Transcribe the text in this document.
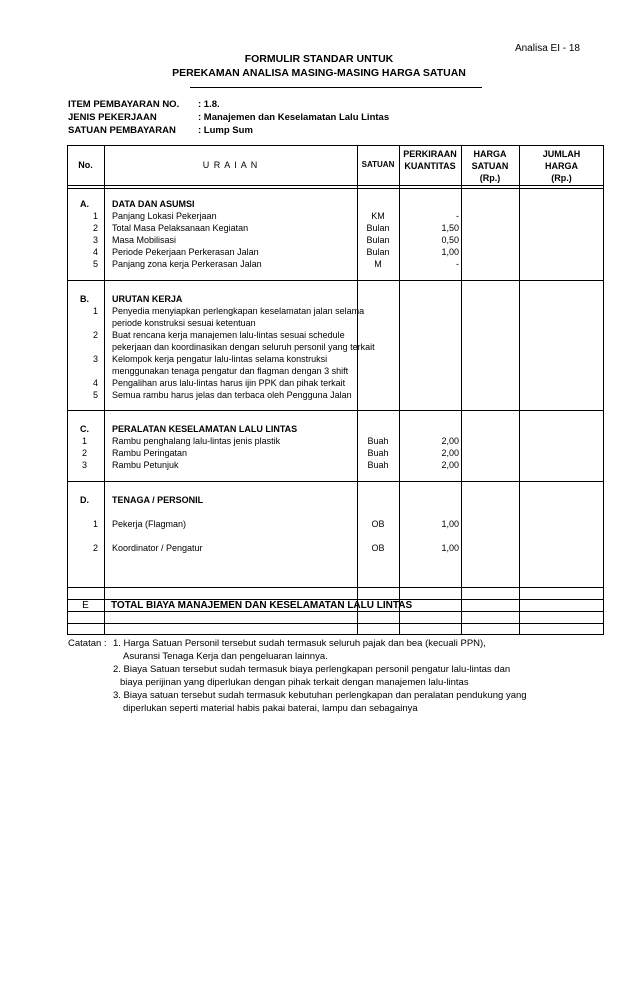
Analisa EI - 18
FORMULIR STANDAR UNTUK
PEREKAMAN ANALISA MASING-MASING HARGA SATUAN
ITEM PEMBAYARAN NO.	: 1.8.
JENIS PEKERJAAN	: Manajemen dan Keselamatan Lalu Lintas
SATUAN PEMBAYARAN	: Lump Sum
No.	U R A I A N	SATUAN
PERKIRAAN
KUANTITAS
HARGA
SATUAN
(Rp.)
JUMLAH
HARGA
(Rp.)
A.	DATA DAN ASUMSI
1 Panjang Lokasi Pekerjaan	KM	-
2 Total Masa Pelaksanaan Kegiatan	Bulan	1,50
3 Masa Mobilisasi	Bulan	0,50
4 Periode Pekerjaan Perkerasan Jalan	Bulan	1,00
5 Panjang zona kerja Perkerasan Jalan	M	-
B.	URUTAN KERJA
1 Penyedia menyiapkan perlengkapan keselamatan jalan selama
periode konstruksi sesuai ketentuan
2 Buat rencana kerja manajemen lalu-lintas sesuai schedule
pekerjaan dan koordinasikan dengan seluruh personil yang terkait
3 Kelompok kerja pengatur lalu-lintas selama konstruksi
menggunakan tenaga pengatur dan flagman dengan 3 shift
4 Pengalihan arus lalu-lintas harus ijin PPK dan pihak terkait
5 Semua rambu harus jelas dan terbaca oleh Pengguna Jalan
C.	PERALATAN KESELAMATAN LALU LINTAS
1	Rambu penghalang lalu-lintas jenis plastik	Buah	2,00
2	Rambu Peringatan	Buah	2,00
3	Rambu Petunjuk	Buah	2,00
D.	TENAGA / PERSONIL
1 Pekerja (Flagman)	OB	1,00
2 Koordinator / Pengatur	OB	1,00
E	TOTAL BIAYA MANAJEMEN DAN KESELAMATAN LALU LINTAS
Catatan : 1. Harga Satuan Personil tersebut sudah termasuk seluruh pajak dan bea (kecuali PPN),
Asuransi Tenaga Kerja dan pengeluaran lainnya.
2. Biaya Satuan tersebut sudah termasuk biaya perlengkapan personil pengatur lalu-lintas dan
biaya perijinan yang diperlukan dengan pihak terkait dengan manajemen lalu-lintas
3. Biaya satuan tersebut sudah termasuk kebutuhan perlengkapan dan peralatan pendukung yang
diperlukan seperti material habis pakai baterai, lampu dan sebagainya
